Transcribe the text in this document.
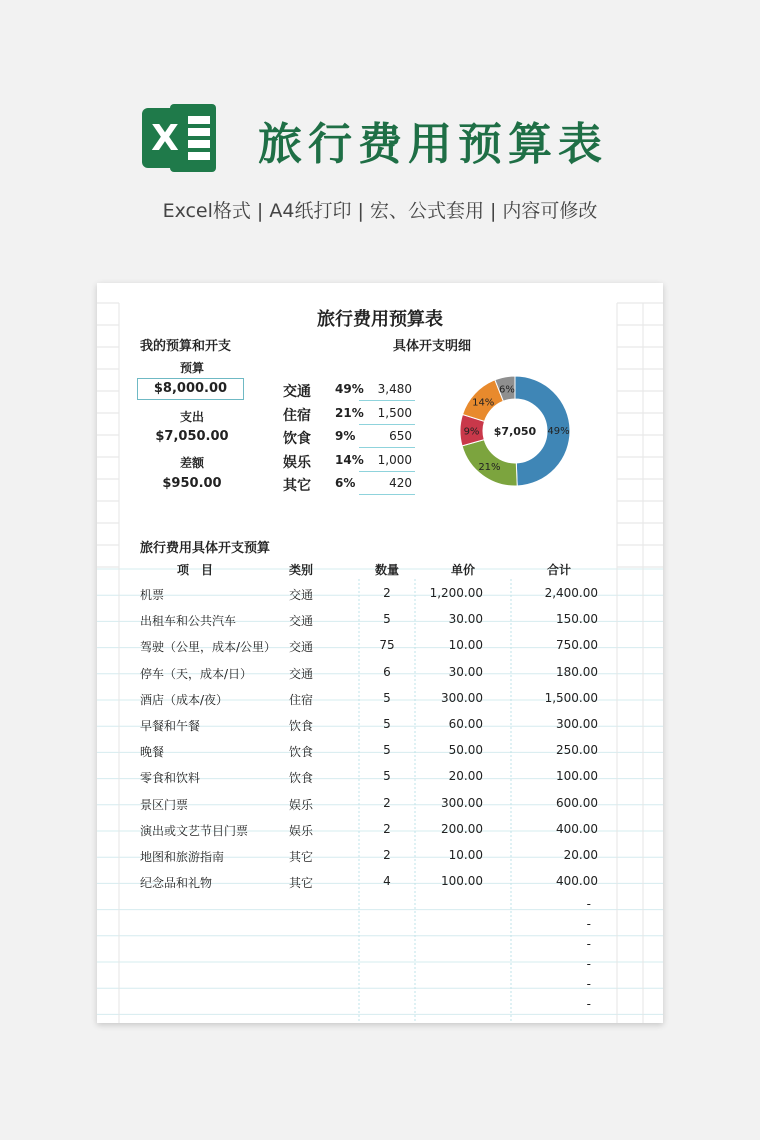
X 旅行费用预算表
Excel格式 | A4纸打印 | 宏、公式套用 | 内容可修改
旅行费用预算表
我的预算和开支	具体开支明细
预算
$8,000.00
支出
$7,050.00
差额
$950.00
交通 49%	3,480
住宿 21%	1,500
饮食 9%	650
娱乐 14%	1,000
其它 6%	420
49%
21%
9%
14%
6%
$7,050
旅行费用具体开支预算
项　目	类别	数量	单价	合计
机票	交通	2	1,200.00	2,400.00
出租车和公共汽车	交通	5	30.00	150.00
驾驶（公里，成本/公里）	交通	75	10.00	750.00
停车（天，成本/日）	交通	6	30.00	180.00
酒店（成本/夜）	住宿	5	300.00	1,500.00
早餐和午餐	饮食	5	60.00	300.00
晚餐	饮食	5	50.00	250.00
零食和饮料	饮食	5	20.00	100.00
景区门票	娱乐	2	300.00	600.00
演出或文艺节目门票	娱乐	2	200.00	400.00
地图和旅游指南	其它	2	10.00	20.00
纪念品和礼物	其它	4	100.00	400.00
-
-
-
-
-
-
